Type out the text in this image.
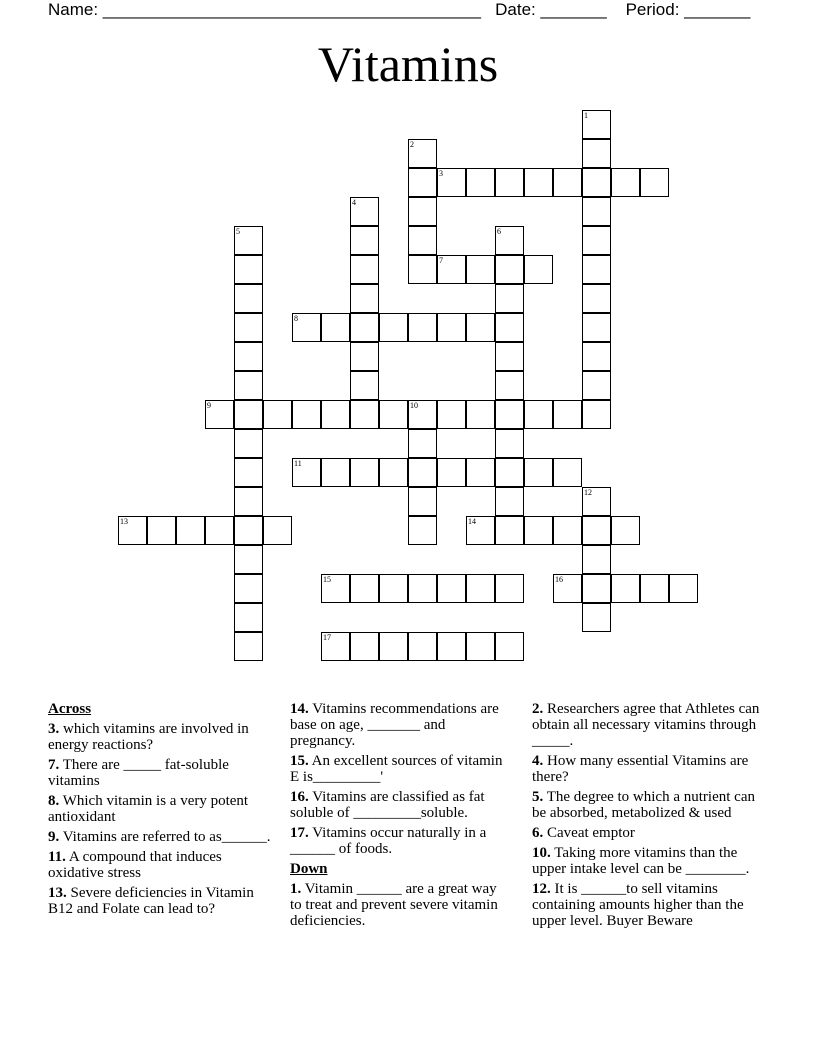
Name: ________________________________________   Date: _______    Period: _______
Vitamins
1
2
3
4
5	6
7
8
9	10
11
12
13	14
15	16
17
Across
3. which vitamins are involved in energy reactions?
7. There are _____ fat-soluble vitamins
8. Which vitamin is a very potent antioxidant
9. Vitamins are referred to as______.
11. A compound that induces oxidative stress
13. Severe deficiencies in Vitamin B12 and Folate can lead to?
14. Vitamins recommendations are base on age, _______ and pregnancy.
15. An excellent sources of vitamin E is_________'
16. Vitamins are classified as fat soluble of _________soluble.
17. Vitamins occur naturally in a ______ of foods.
Down
1. Vitamin ______ are a great way to treat and prevent severe vitamin deficiencies.
2. Researchers agree that Athletes can obtain all necessary vitamins through _____.
4. How many essential Vitamins are there?
5. The degree to which a nutrient can be absorbed, metabolized & used
6. Caveat emptor
10. Taking more vitamins than the upper intake level can be ________.
12. It is ______to sell vitamins containing amounts higher than the upper level. Buyer Beware
